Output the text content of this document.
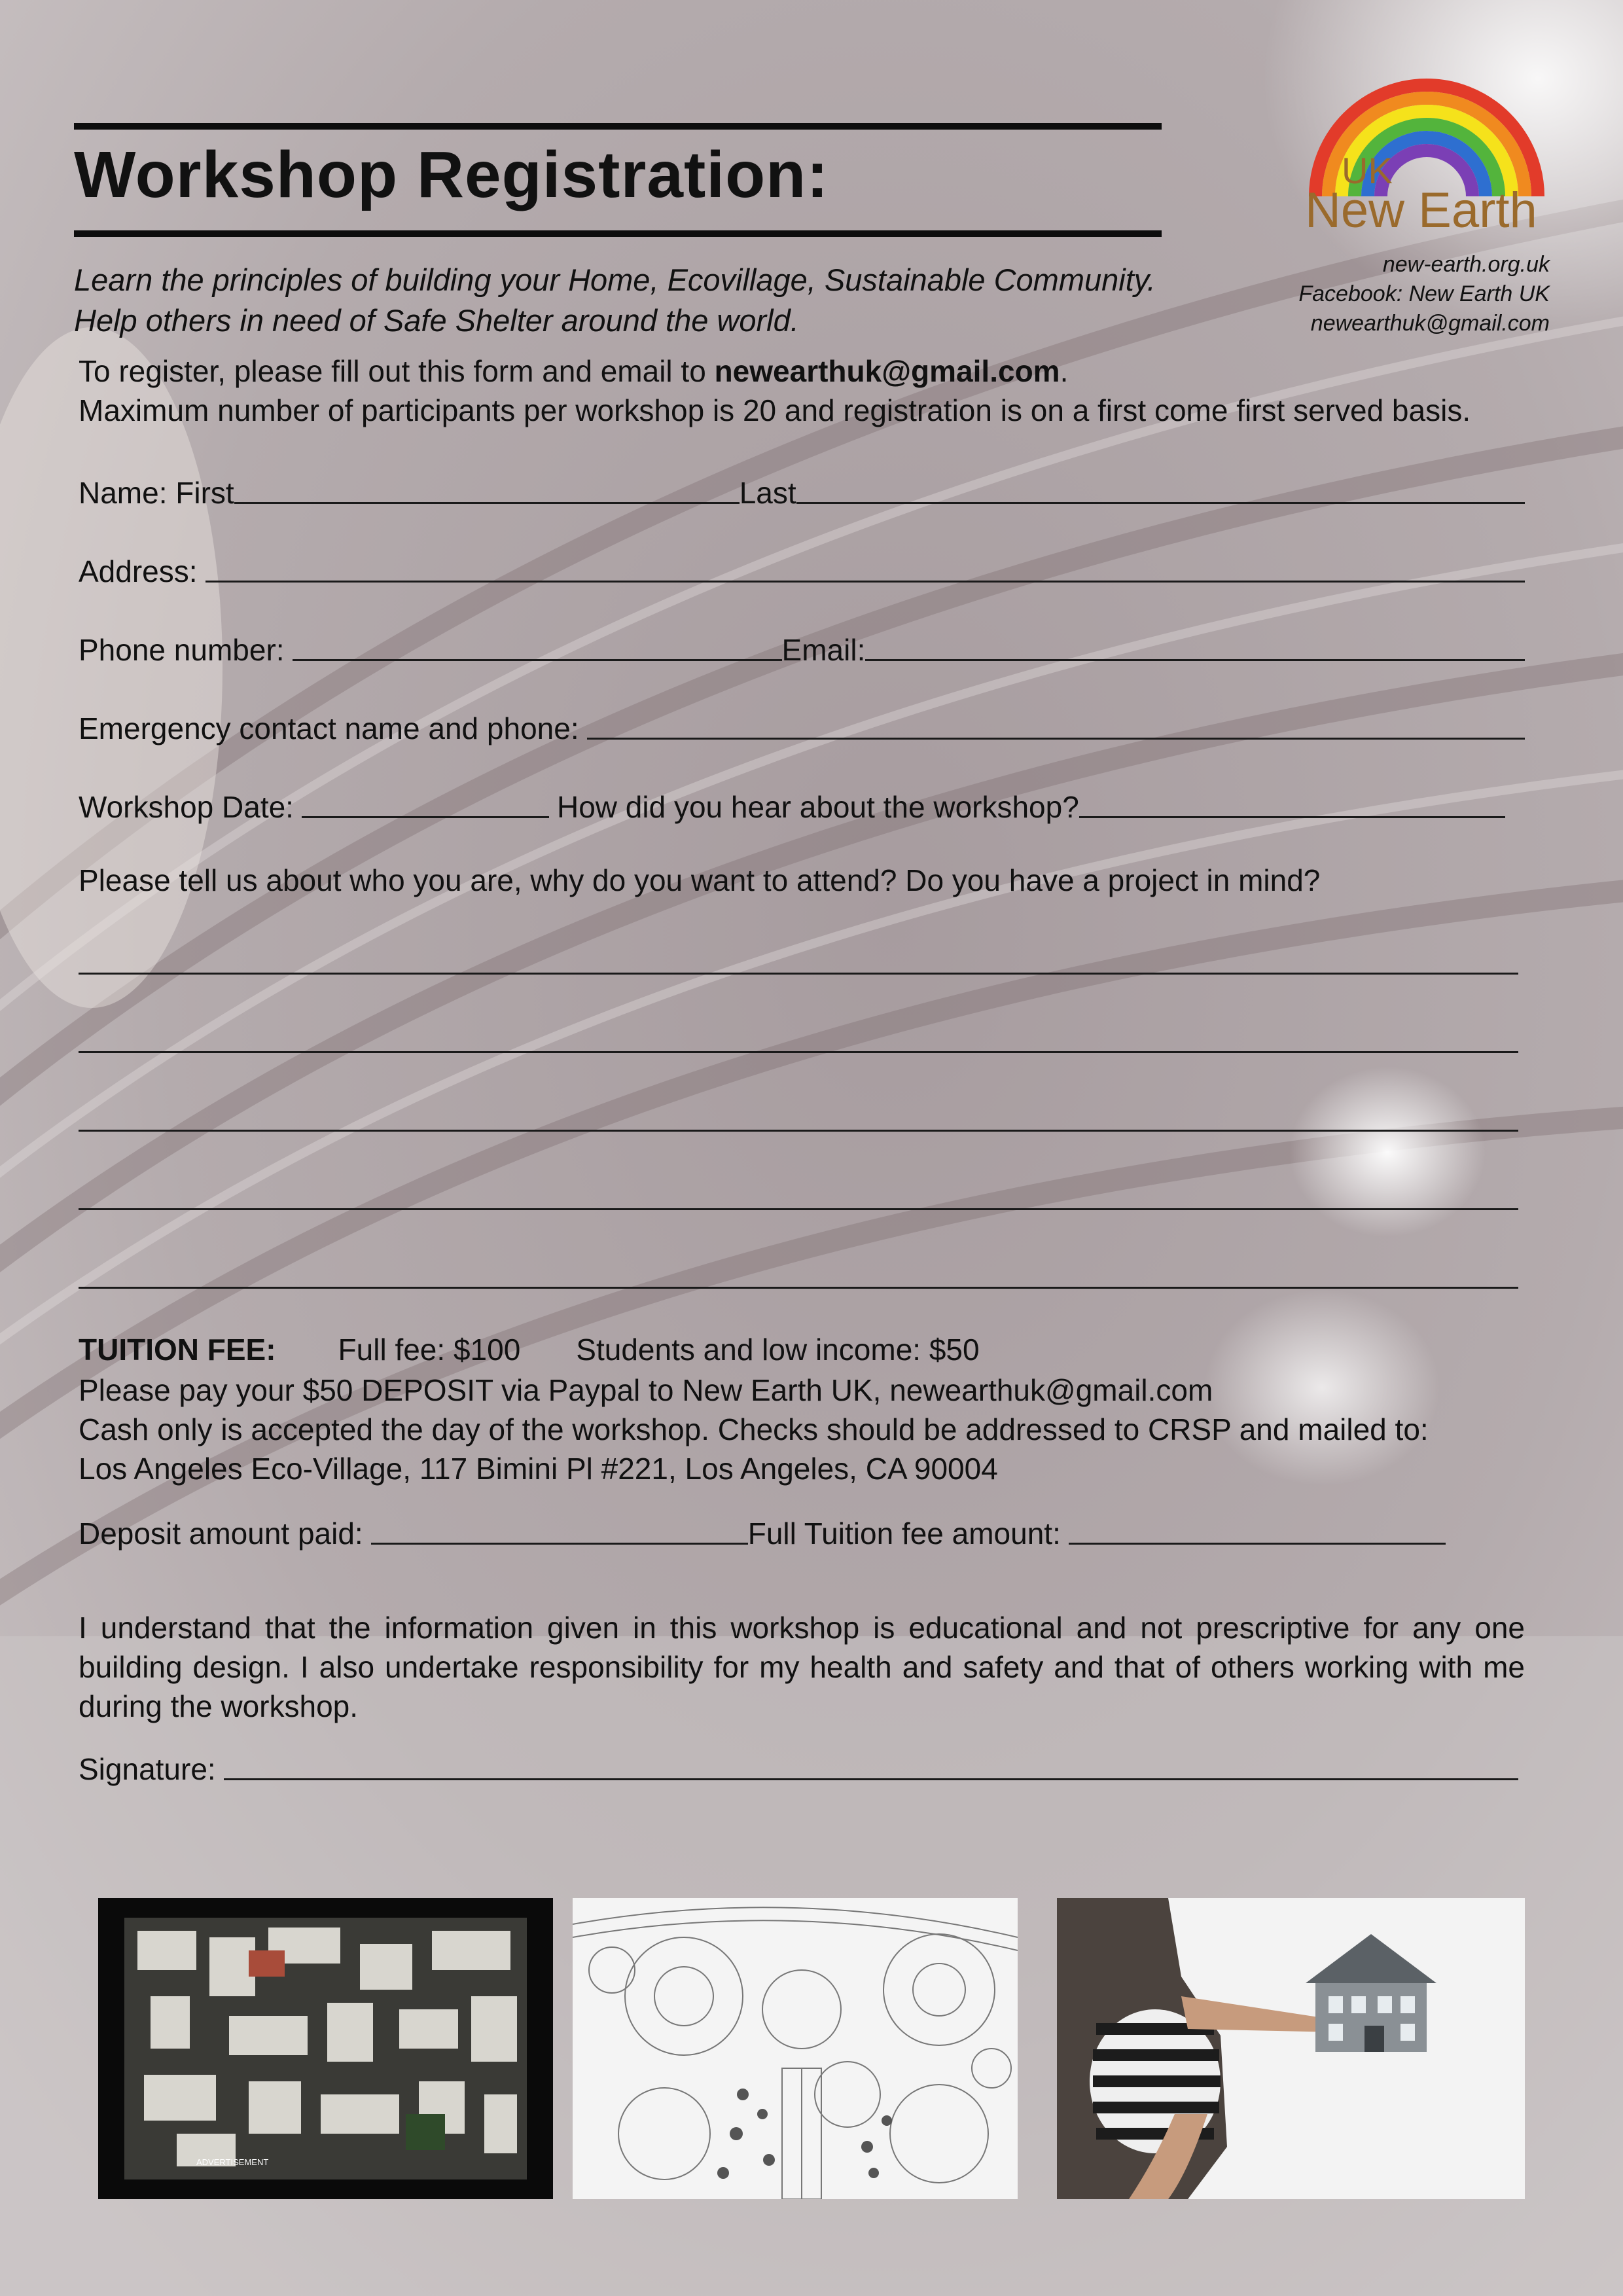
Workshop Registration:
Learn the principles of building your Home, Ecovillage, Sustainable Community.
Help others in need of Safe Shelter around the world.
UK
New Earth
new-earth.org.uk
Facebook: New Earth UK
newearthuk@gmail.com
To register, please fill out this form and email to newearthuk@gmail.com.
Maximum number of participants per workshop is 20 and registration is on a first come first served basis.
Name: First	Last
Address:
Phone number:	Email:
Emergency contact name and phone:
Workshop Date:	How did you hear about the workshop?
Please tell us about who you are, why do you want to attend? Do you have a project in mind?
TUITION FEE: Full fee: $100 Students and low income: $50
Please pay your $50 DEPOSIT via Paypal to New Earth UK, newearthuk@gmail.com
Cash only is accepted the day of the workshop. Checks should be addressed to CRSP and mailed to:
Los Angeles Eco-Village, 117 Bimini Pl #221, Los Angeles, CA 90004
Deposit amount paid:	Full Tuition fee amount:
I understand that the information given in this workshop is educational and not prescriptive for any one building design. I also undertake responsibility for my health and safety and that of others working with me during the workshop.
Signature:
ADVERTISEMENT
